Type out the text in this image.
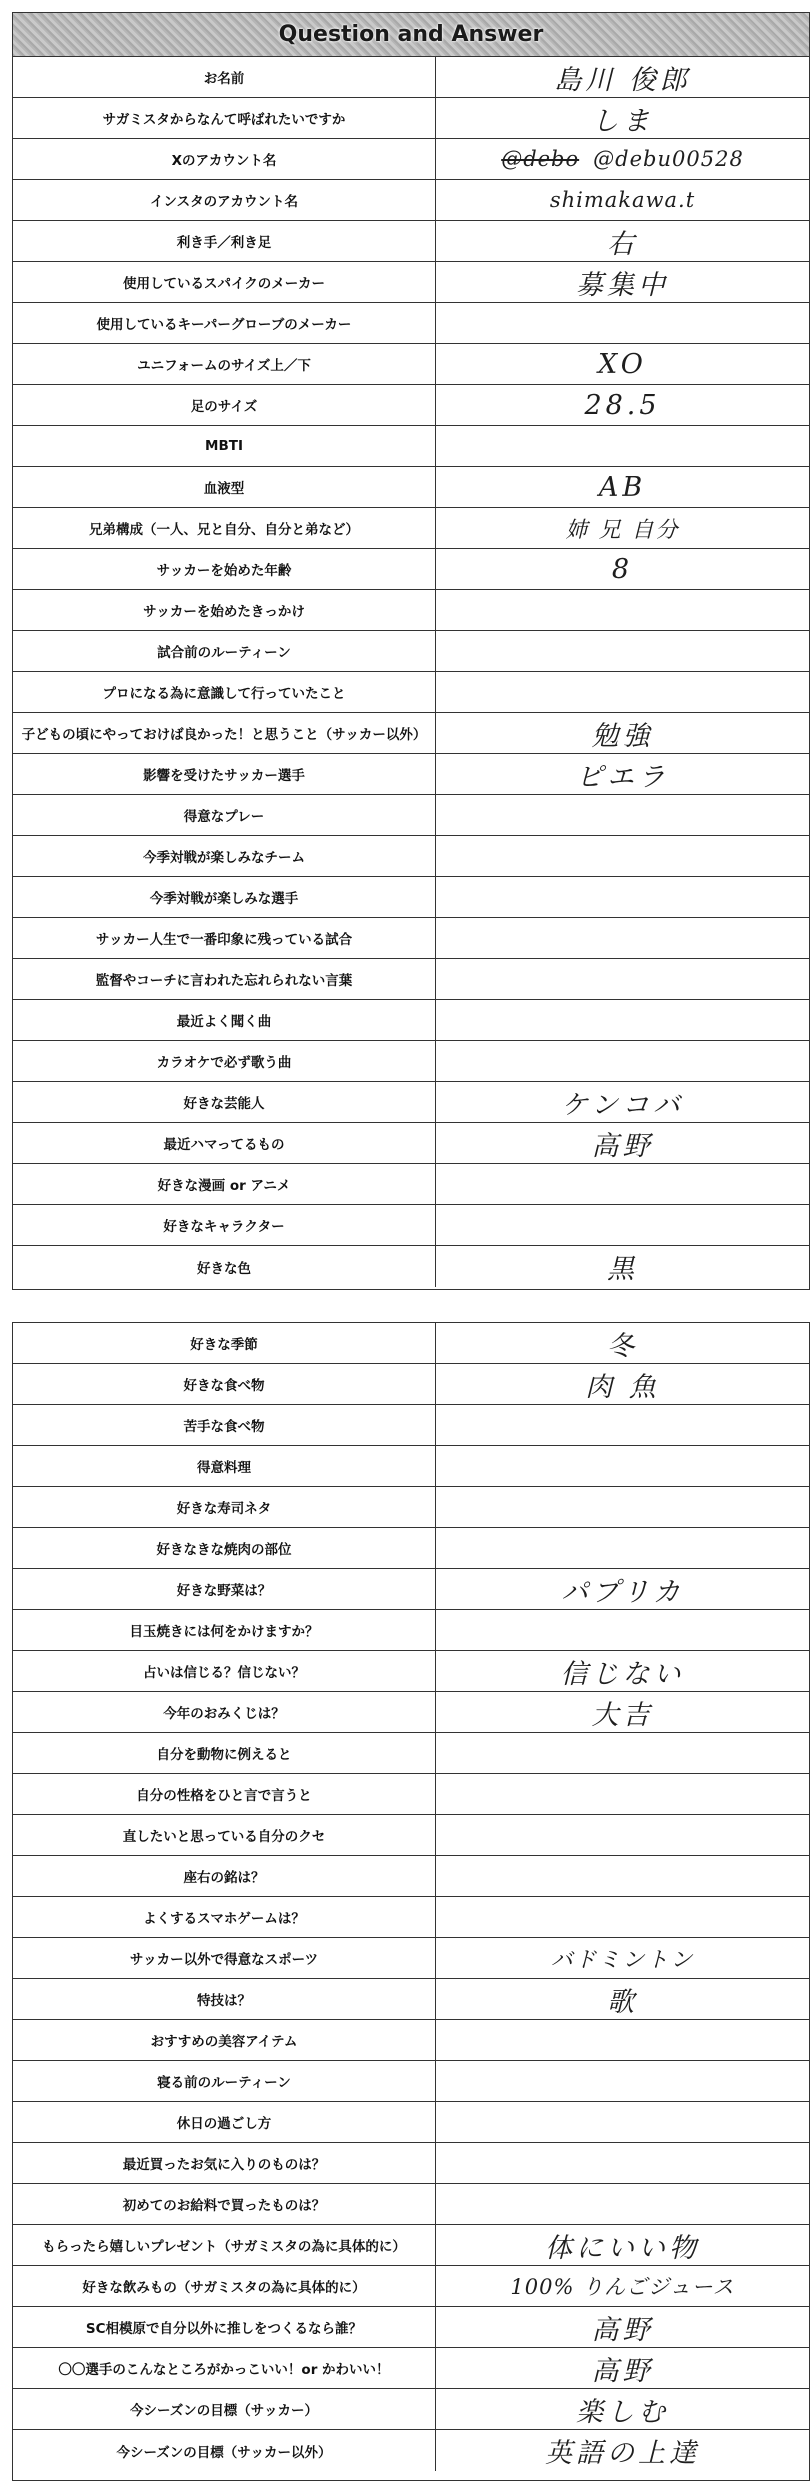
Question and Answer
お名前	島川 俊郎
サガミスタからなんて呼ばれたいですか	しま
Xのアカウント名	@debo @debu00528
インスタのアカウント名	shimakawa.t
利き手／利き足	右
使用しているスパイクのメーカー	募集中
使用しているキーパーグローブのメーカー
ユニフォームのサイズ上／下	XO
足のサイズ	28.5
MBTI
血液型	AB
兄弟構成（一人、兄と自分、自分と弟など）	姉 兄 自分
サッカーを始めた年齢	8
サッカーを始めたきっかけ
試合前のルーティーン
プロになる為に意識して行っていたこと
子どもの頃にやっておけば良かった！と思うこと（サッカー以外）	勉強
影響を受けたサッカー選手	ピエラ
得意なプレー
今季対戦が楽しみなチーム
今季対戦が楽しみな選手
サッカー人生で一番印象に残っている試合
監督やコーチに言われた忘れられない言葉
最近よく聞く曲
カラオケで必ず歌う曲
好きな芸能人	ケンコバ
最近ハマってるもの	高野
好きな漫画 or アニメ
好きなキャラクター
好きな色	黒
好きな季節	冬
好きな食べ物	肉 魚
苦手な食べ物
得意料理
好きな寿司ネタ
好きなきな焼肉の部位
好きな野菜は？	パプリカ
目玉焼きには何をかけますか？
占いは信じる？信じない？	信じない
今年のおみくじは？	大吉
自分を動物に例えると
自分の性格をひと言で言うと
直したいと思っている自分のクセ
座右の銘は？
よくするスマホゲームは？
サッカー以外で得意なスポーツ	バドミントン
特技は？	歌
おすすめの美容アイテム
寝る前のルーティーン
休日の過ごし方
最近買ったお気に入りのものは？
初めてのお給料で買ったものは？
もらったら嬉しいプレゼント（サガミスタの為に具体的に）	体にいい物
好きな飲みもの（サガミスタの為に具体的に）	100% りんごジュース
SC相模原で自分以外に推しをつくるなら誰？	高野
〇〇選手のこんなところがかっこいい！or かわいい！	高野
今シーズンの目標（サッカー）	楽しむ
今シーズンの目標（サッカー以外）	英語の上達
